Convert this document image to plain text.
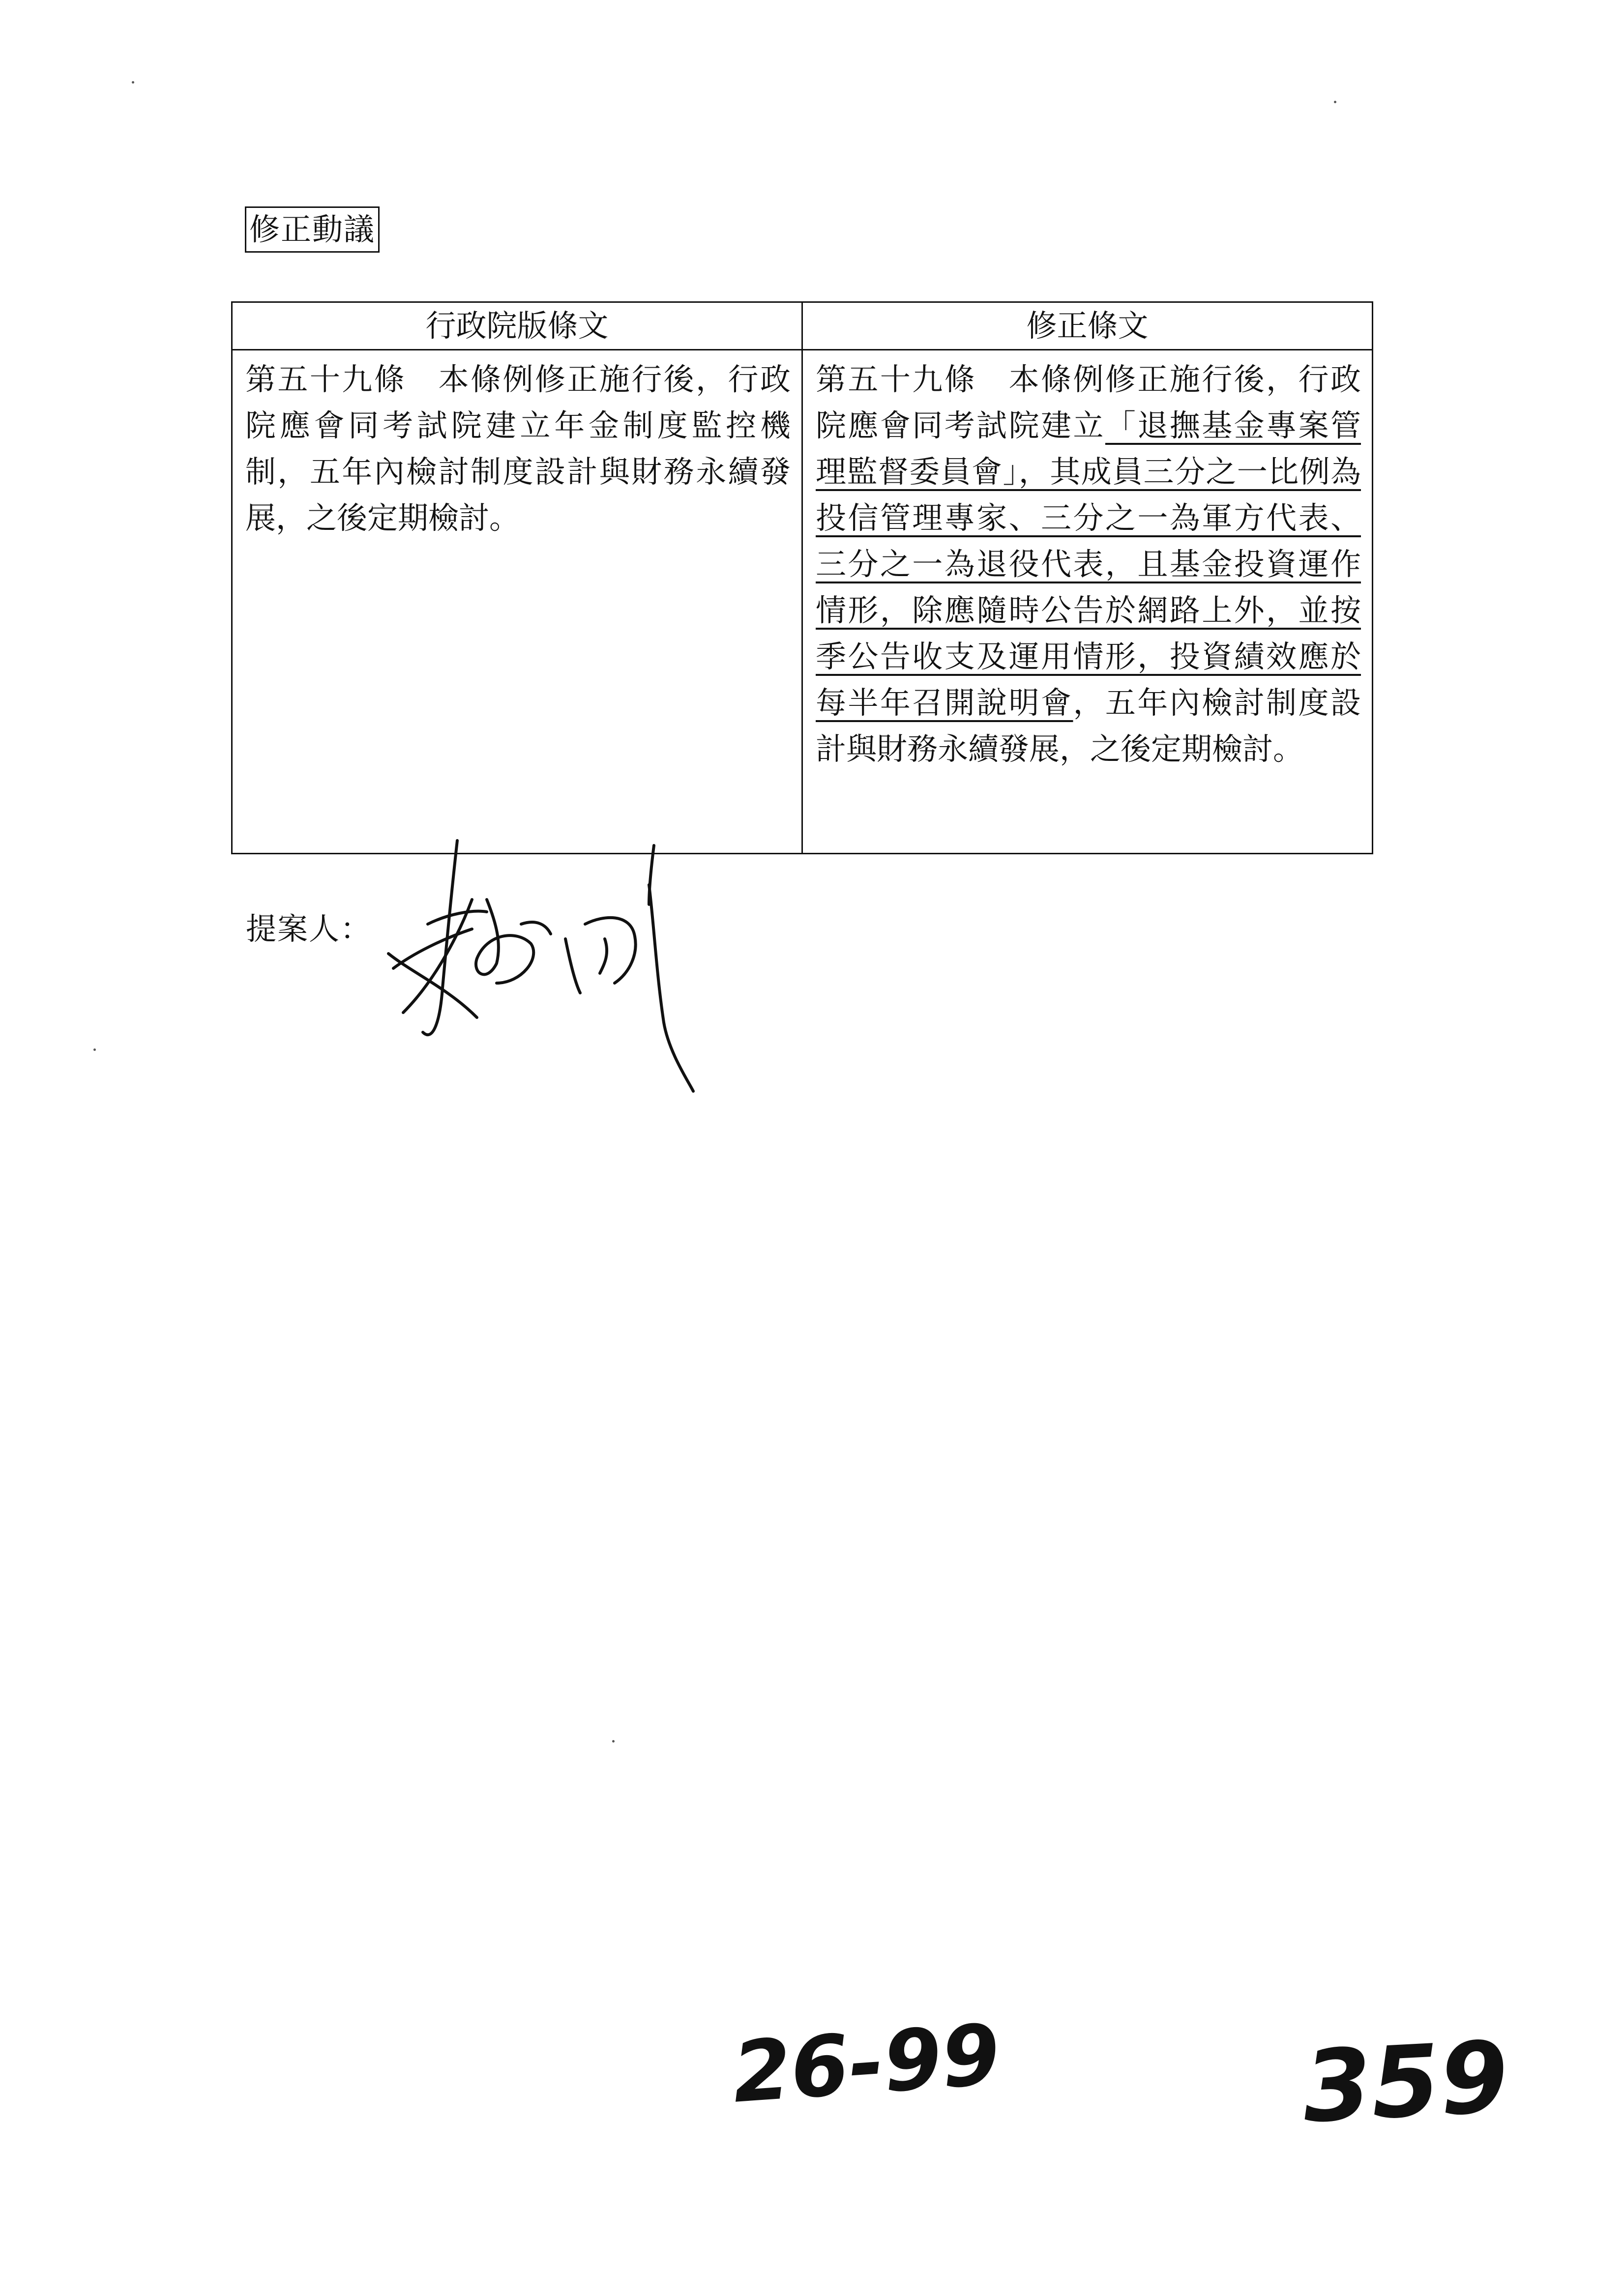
修正動議
行政院版條文	修正條文
第五十九條　本條例修正施行後，行政院應會同考試院建立年金制度監控機制，五年內檢討制度設計與財務永續發展，之後定期檢討。	第五十九條　本條例修正施行後，行政院應會同考試院建立「退撫基金專案管理監督委員會」，其成員三分之一比例為投信管理專家、三分之一為軍方代表、三分之一為退役代表，且基金投資運作情形，除應隨時公告於網路上外，並按季公告收支及運用情形，投資績效應於每半年召開說明會，五年內檢討制度設計與財務永續發展，之後定期檢討。
提案人：
26-99	359
